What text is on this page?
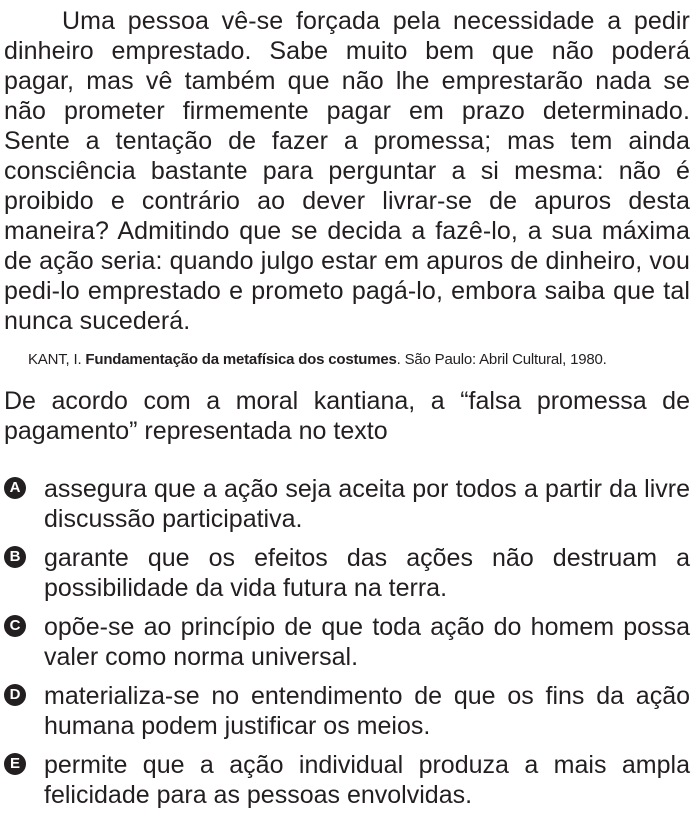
Uma pessoa vê-se forçada pela necessidade a pedir dinheiro emprestado. Sabe muito bem que não poderá pagar, mas vê também que não lhe emprestarão nada se não prometer firmemente pagar em prazo determinado. Sente a tentação de fazer a promessa; mas tem ainda consciência bastante para perguntar a si mesma: não é proibido e contrário ao dever livrar-se de apuros desta maneira? Admitindo que se decida a fazê-lo, a sua máxima de ação seria: quando julgo estar em apuros de dinheiro, vou pedi-lo emprestado e prometo pagá-lo, embora saiba que tal nunca sucederá.

KANT, I. Fundamentação da metafísica dos costumes. São Paulo: Abril Cultural, 1980.

De acordo com a moral kantiana, a “falsa promessa de pagamento” representada no texto

A assegura que a ação seja aceita por todos a partir da livre discussão participativa.
B garante que os efeitos das ações não destruam a possibilidade da vida futura na terra.
C opõe-se ao princípio de que toda ação do homem possa valer como norma universal.
D materializa-se no entendimento de que os fins da ação humana podem justificar os meios.
E permite que a ação individual produza a mais ampla felicidade para as pessoas envolvidas.
